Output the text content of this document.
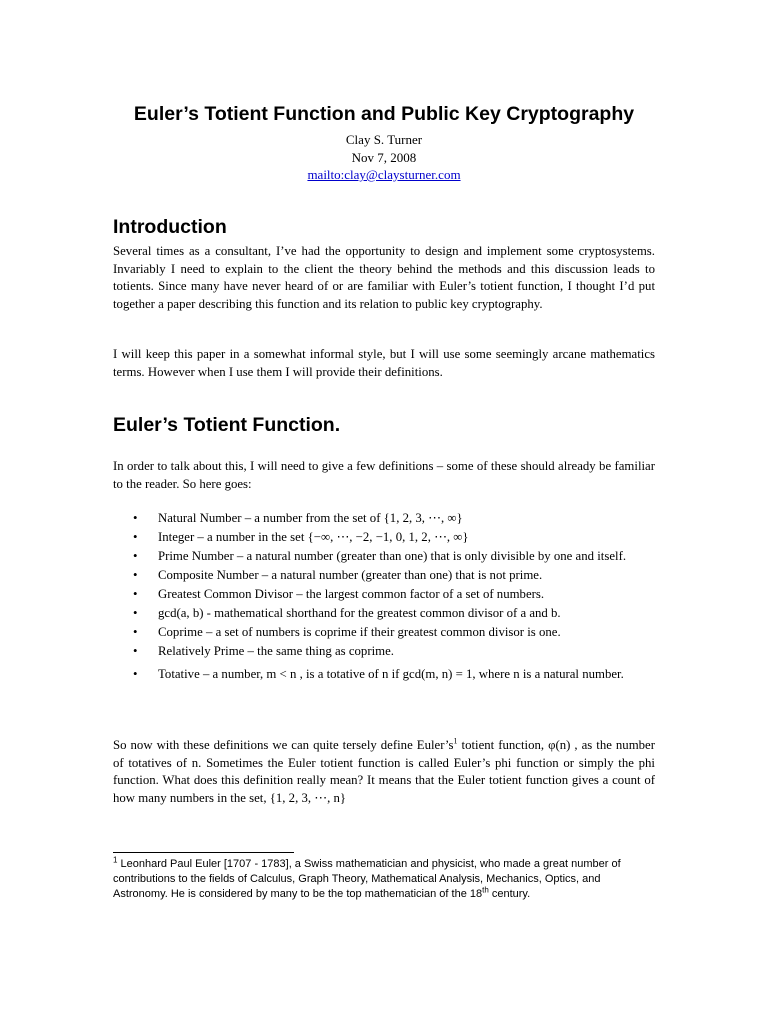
Euler’s Totient Function and Public Key Cryptography
Clay S. Turner
Nov 7, 2008
mailto:clay@claysturner.com
Introduction

Several times as a consultant, I’ve had the opportunity to design and implement some cryptosystems. Invariably I need to explain to the client the theory behind the methods and this discussion leads to totients. Since many have never heard of or are familiar with Euler’s totient function, I thought I’d put together a paper describing this function and its relation to public key cryptography.

I will keep this paper in a somewhat informal style, but I will use some seemingly arcane mathematics terms. However when I use them I will provide their definitions.

Euler’s Totient Function.

In order to talk about this, I will need to give a few definitions – some of these should already be familiar to the reader. So here goes:

• Natural Number – a number from the set of {1, 2, 3, ⋯, ∞}
• Integer – a number in the set {−∞, ⋯, −2, −1, 0, 1, 2, ⋯, ∞}
• Prime Number – a natural number (greater than one) that is only divisible by one and itself.
• Composite Number – a natural number (greater than one) that is not prime.
• Greatest Common Divisor – the largest common factor of a set of numbers.
• gcd(a, b) - mathematical shorthand for the greatest common divisor of a and b.
• Coprime – a set of numbers is coprime if their greatest common divisor is one.
• Relatively Prime – the same thing as coprime.
• Totative – a number, m < n , is a totative of n if gcd(m, n) = 1, where n is a natural number.

So now with these definitions we can quite tersely define $Euler’s^1$ totient function, φ(n) , as the number of totatives of n. Sometimes the Euler totient function is called Euler’s phi function or simply the phi function. What does this definition really mean? It means that the Euler totient function gives a count of how many numbers in the set, {1, 2, 3, ⋯, n}

$^1$ Leonhard Paul Euler [1707 - 1783], a Swiss mathematician and physicist, who made a great number of contributions to the fields of Calculus, Graph Theory, Mathematical Analysis, Mechanics, Optics, and Astronomy. He is considered by many to be the top mathematician of the 18th century.
